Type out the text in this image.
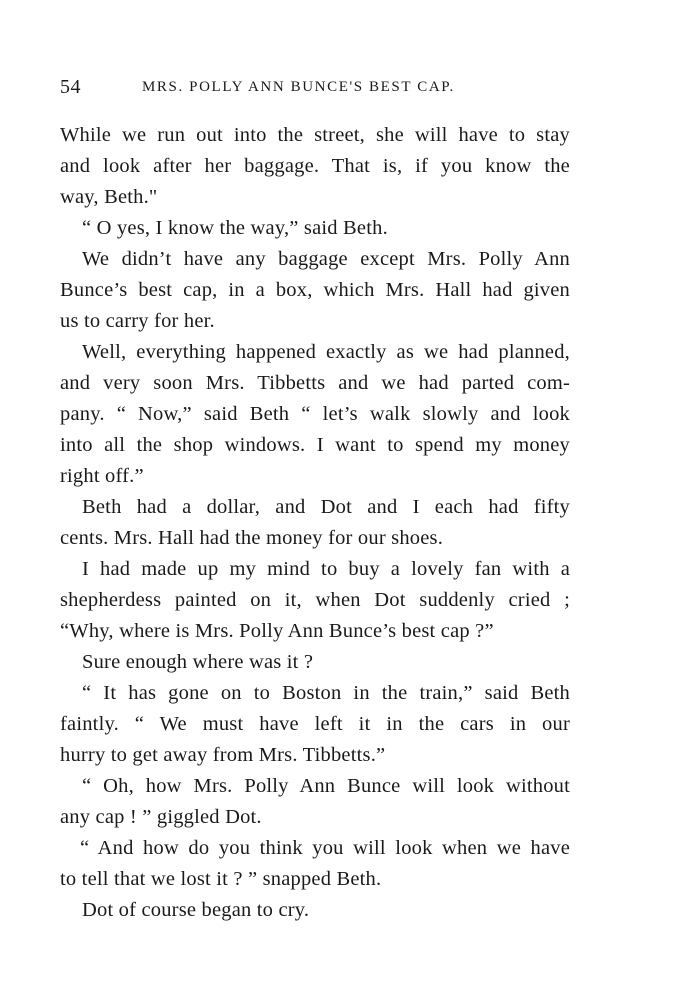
54	MRS. POLLY ANN BUNCE'S BEST CAP.
While we run out into the street, she will have to stay
and look after her baggage. That is, if you know the
way, Beth."
“ O yes, I know the way,” said Beth.
We didn’t have any baggage except Mrs. Polly Ann
Bunce’s best cap, in a box, which Mrs. Hall had given
us to carry for her.
Well, everything happened exactly as we had planned,
and very soon Mrs. Tibbetts and we had parted com-
pany. “ Now,” said Beth “ let’s walk slowly and look
into all the shop windows. I want to spend my money
right off.”
Beth had a dollar, and Dot and I each had fifty
cents. Mrs. Hall had the money for our shoes.
I had made up my mind to buy a lovely fan with a
shepherdess painted on it, when Dot suddenly cried ;
“Why, where is Mrs. Polly Ann Bunce’s best cap ?”
Sure enough where was it ?
“ It has gone on to Boston in the train,” said Beth
faintly. “ We must have left it in the cars in our
hurry to get away from Mrs. Tibbetts.”
“ Oh, how Mrs. Polly Ann Bunce will look without
any cap ! ” giggled Dot.
“ And how do you think you will look when we have
to tell that we lost it ? ” snapped Beth.
Dot of course began to cry.
